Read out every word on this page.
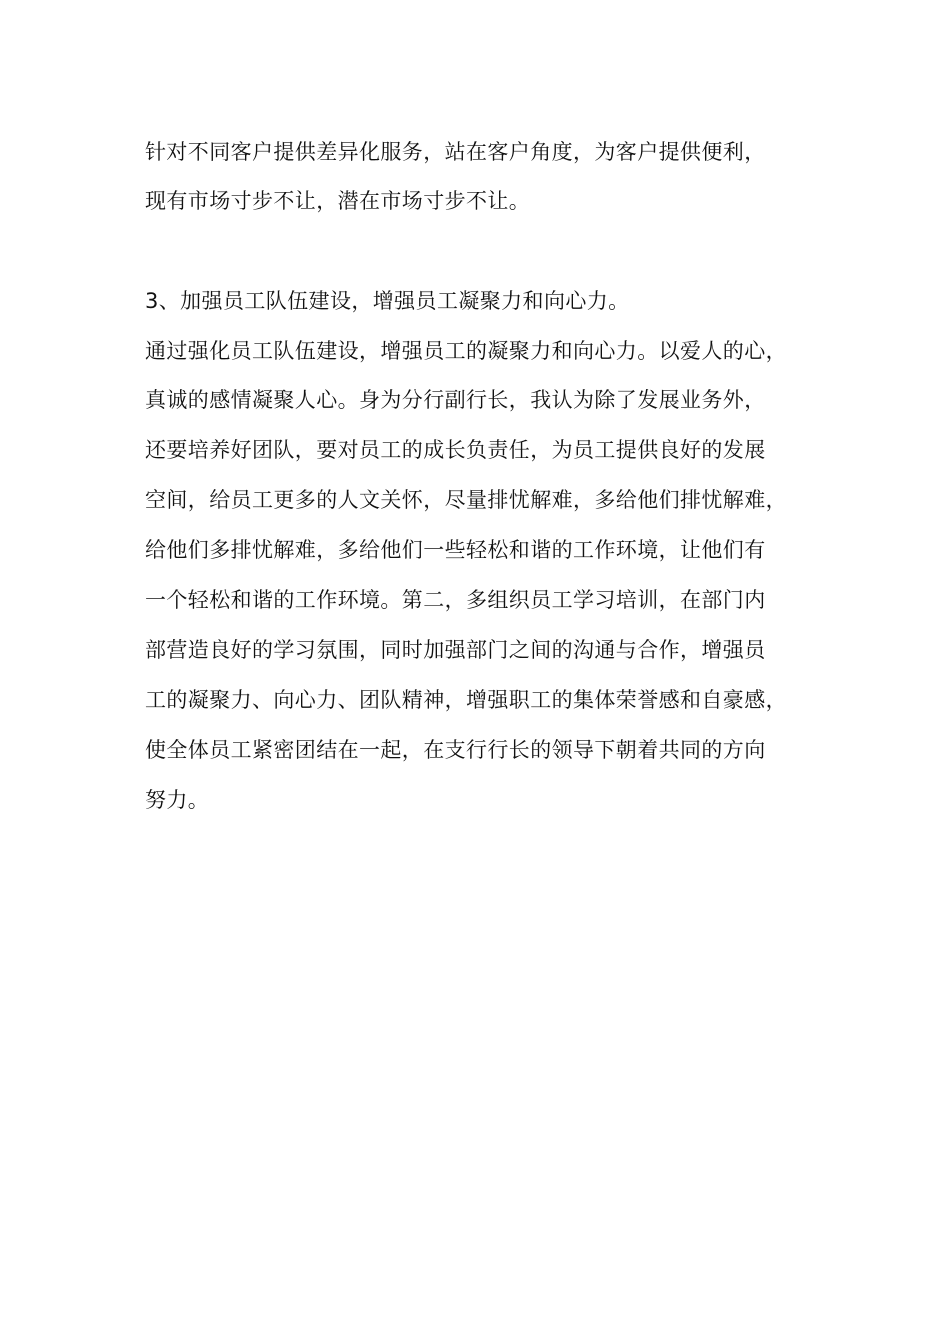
针对不同客户提供差异化服务，站在客户角度，为客户提供便利，
现有市场寸步不让，潜在市场寸步不让。
3、加强员工队伍建设，增强员工凝聚力和向心力。
通过强化员工队伍建设，增强员工的凝聚力和向心力。以爱人的心，
真诚的感情凝聚人心。身为分行副行长，我认为除了发展业务外，
还要培养好团队，要对员工的成长负责任，为员工提供良好的发展
空间，给员工更多的人文关怀，尽量排忧解难，多给他们排忧解难，
给他们多排忧解难，多给他们一些轻松和谐的工作环境，让他们有
一个轻松和谐的工作环境。第二，多组织员工学习培训，在部门内
部营造良好的学习氛围，同时加强部门之间的沟通与合作，增强员
工的凝聚力、向心力、团队精神，增强职工的集体荣誉感和自豪感，
使全体员工紧密团结在一起，在支行行长的领导下朝着共同的方向
努力。
